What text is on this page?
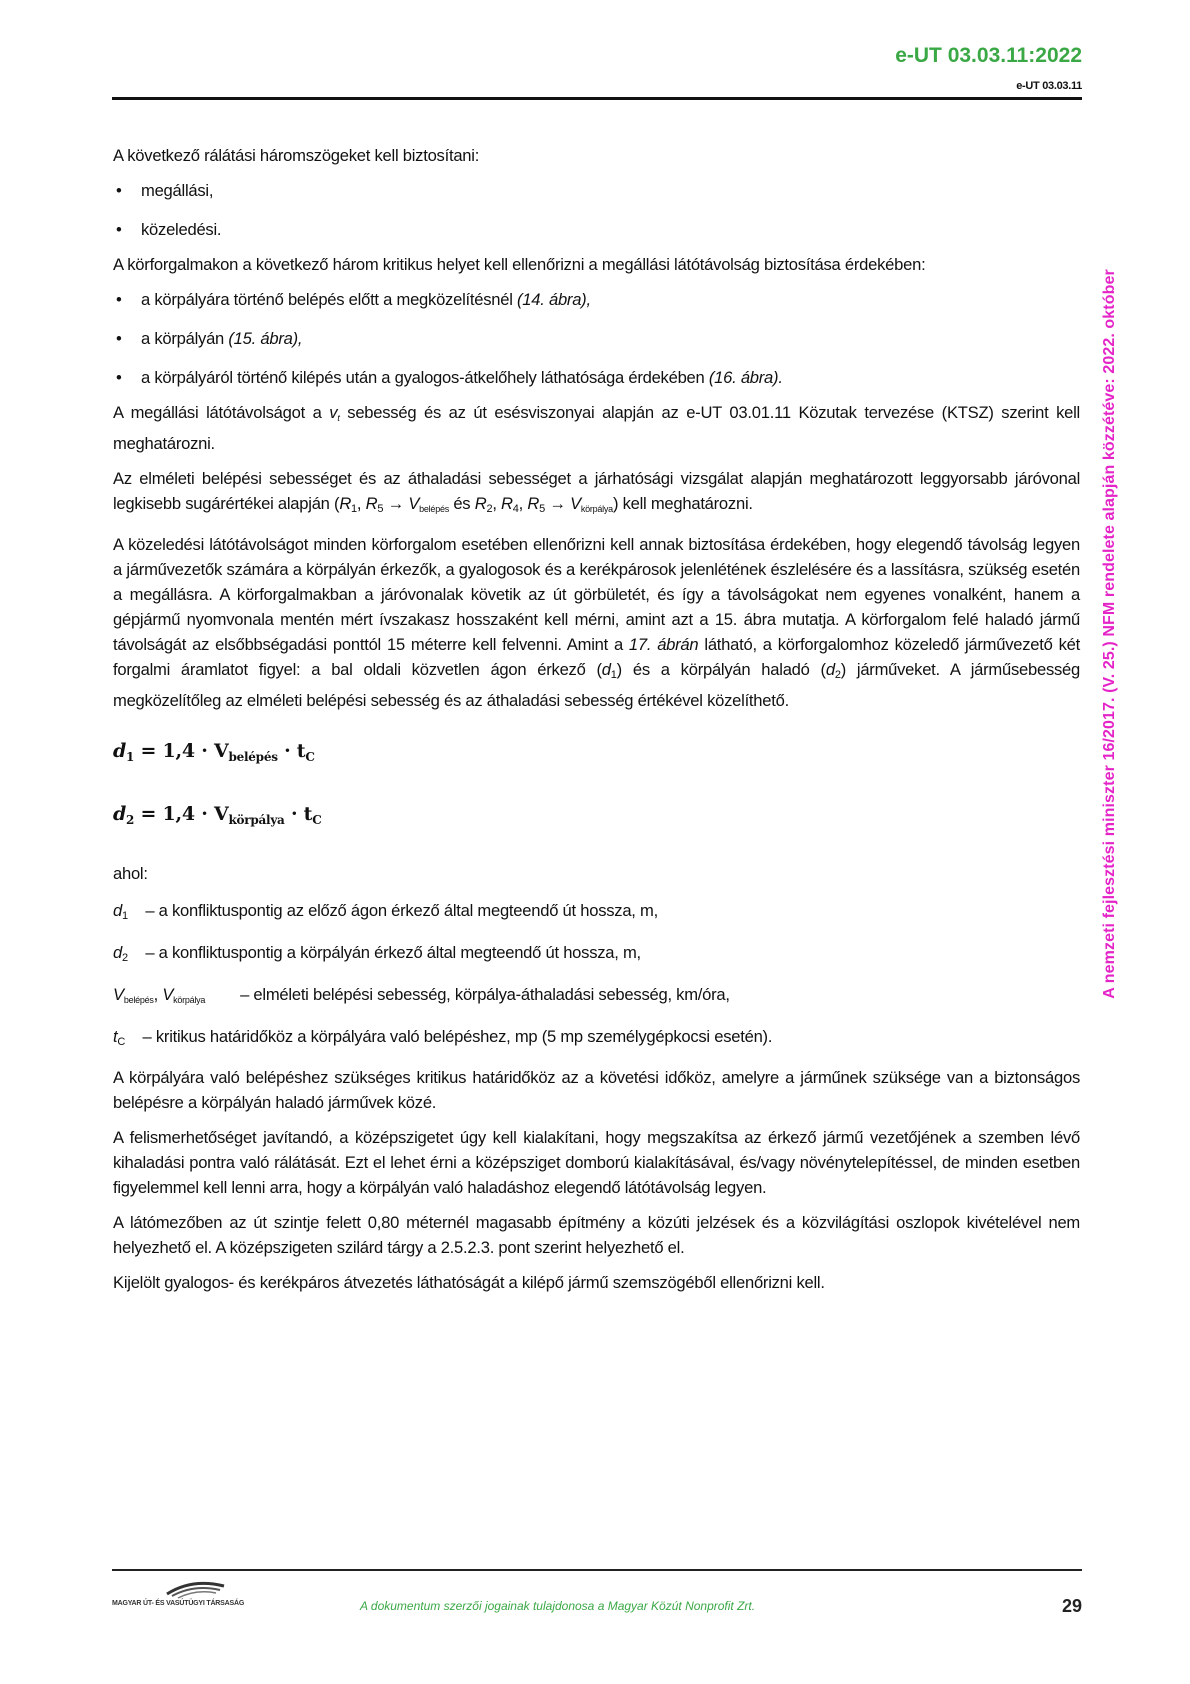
e-UT 03.03.11:2022
e-UT 03.03.11
A nemzeti fejlesztési miniszter 16/2017. (V. 25.) NFM rendelete alapján közzétéve: 2022. október

A következő rálátási háromszögeket kell biztosítani:

• megállási,
• közeledési.

A körforgalmakon a következő három kritikus helyet kell ellenőrizni a megállási látótávolság biztosítása érdekében:

• a körpályára történő belépés előtt a megközelítésnél (14. ábra),
• a körpályán (15. ábra),
• a körpályáról történő kilépés után a gyalogos-átkelőhely láthatósága érdekében (16. ábra).

A megállási látótávolságot a vt sebesség és az út esésviszonyai alapján az e-UT 03.01.11 Közutak tervezése (KTSZ) szerint kell meghatározni.

Az elméleti belépési sebességet és az áthaladási sebességet a járhatósági vizsgálat alapján meghatározott leggyorsabb járóvonal legkisebb sugárértékei alapján (R1, R5 → Vbelépés és R2, R4, R5 → Vkörpálya) kell meghatározni.

A közeledési látótávolságot minden körforgalom esetében ellenőrizni kell annak biztosítása érdekében, hogy elegendő távolság legyen a járművezetők számára a körpályán érkezők, a gyalogosok és a kerékpárosok jelenlétének észlelésére és a lassításra, szükség esetén a megállásra. A körforgalmakban a járóvonalak követik az út görbületét, és így a távolságokat nem egyenes vonalként, hanem a gépjármű nyomvonala mentén mért ívszakasz hosszaként kell mérni, amint azt a 15. ábra mutatja. A körforgalom felé haladó jármű távolságát az elsőbbségadási ponttól 15 méterre kell felvenni. Amint a 17. ábrán látható, a körforgalomhoz közeledő járművezető két forgalmi áramlatot figyel: a bal oldali közvetlen ágon érkező (d1) és a körpályán haladó (d2) járműveket. A járműsebesség megközelítőleg az elméleti belépési sebesség és az áthaladási sebesség értékével közelíthető.

$d_1 = 1,4 \cdot V_{belépés} \cdot t_C$

$d_2 = 1,4 \cdot V_{körpálya} \cdot t_C$

ahol:

d1 – a konfliktuspontig az előző ágon érkező által megteendő út hossza, m,
d2 – a konfliktuspontig a körpályán érkező által megteendő út hossza, m,
Vbelépés, Vkörpálya – elméleti belépési sebesség, körpálya-áthaladási sebesség, km/óra,
tC – kritikus határidőköz a körpályára való belépéshez, mp (5 mp személygépkocsi esetén).

A körpályára való belépéshez szükséges kritikus határidőköz az a követési időköz, amelyre a járműnek szüksége van a biztonságos belépésre a körpályán haladó járművek közé.

A felismerhetőséget javítandó, a középszigetet úgy kell kialakítani, hogy megszakítsa az érkező jármű vezetőjének a szemben lévő kihaladási pontra való rálátását. Ezt el lehet érni a középsziget domború kialakításával, és/vagy növénytelepítéssel, de minden esetben figyelemmel kell lenni arra, hogy a körpályán való haladáshoz elegendő látótávolság legyen.

A látómezőben az út szintje felett 0,80 méternél magasabb építmény a közúti jelzések és a közvilágítási oszlopok kivételével nem helyezhető el. A középszigeten szilárd tárgy a 2.5.2.3. pont szerint helyezhető el.

Kijelölt gyalogos- és kerékpáros átvezetés láthatóságát a kilépő jármű szemszögéből ellenőrizni kell.

MAGYAR ÚT- ÉS VASÚTÜGYI TÁRSASÁG	A dokumentum szerzői jogainak tulajdonosa a Magyar Közút Nonprofit Zrt.	29
